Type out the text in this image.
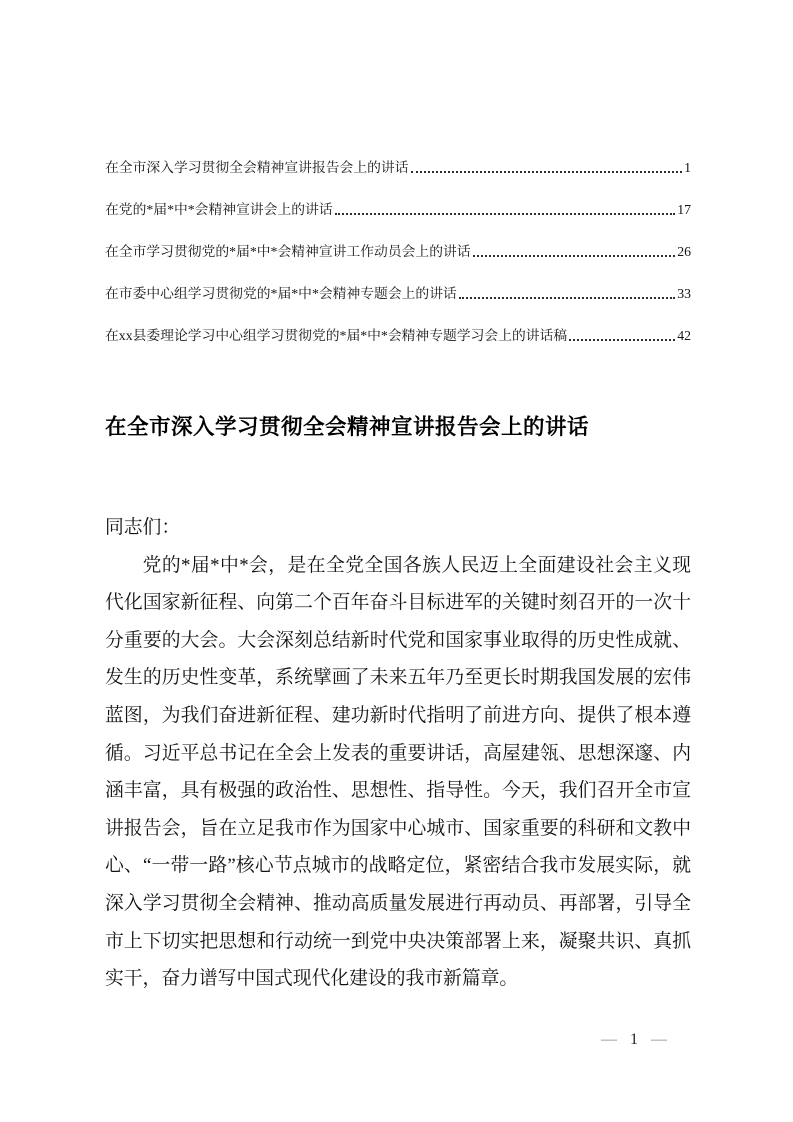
在全市深入学习贯彻全会精神宣讲报告会上的讲话	1
在党的*届*中*会精神宣讲会上的讲话	17
在全市学习贯彻党的*届*中*会精神宣讲工作动员会上的讲话	26
在市委中心组学习贯彻党的*届*中*会精神专题会上的讲话	33
在xx县委理论学习中心组学习贯彻党的*届*中*会精神专题学习会上的讲话稿	42
在全市深入学习贯彻全会精神宣讲报告会上的讲话
同志们：
党的*届*中*会，是在全党全国各族人民迈上全面建设社会主义现代化国家新征程、向第二个百年奋斗目标进军的关键时刻召开的一次十分重要的大会。大会深刻总结新时代党和国家事业取得的历史性成就、发生的历史性变革，系统擘画了未来五年乃至更长时期我国发展的宏伟蓝图，为我们奋进新征程、建功新时代指明了前进方向、提供了根本遵循。习近平总书记在全会上发表的重要讲话，高屋建瓴、思想深邃、内涵丰富，具有极强的政治性、思想性、指导性。今天，我们召开全市宣讲报告会，旨在立足我市作为国家中心城市、国家重要的科研和文教中心、“一带一路”核心节点城市的战略定位，紧密结合我市发展实际，就深入学习贯彻全会精神、推动高质量发展进行再动员、再部署，引导全市上下切实把思想和行动统一到党中央决策部署上来，凝聚共识、真抓实干，奋力谱写中国式现代化建设的我市新篇章。
— 1 —
